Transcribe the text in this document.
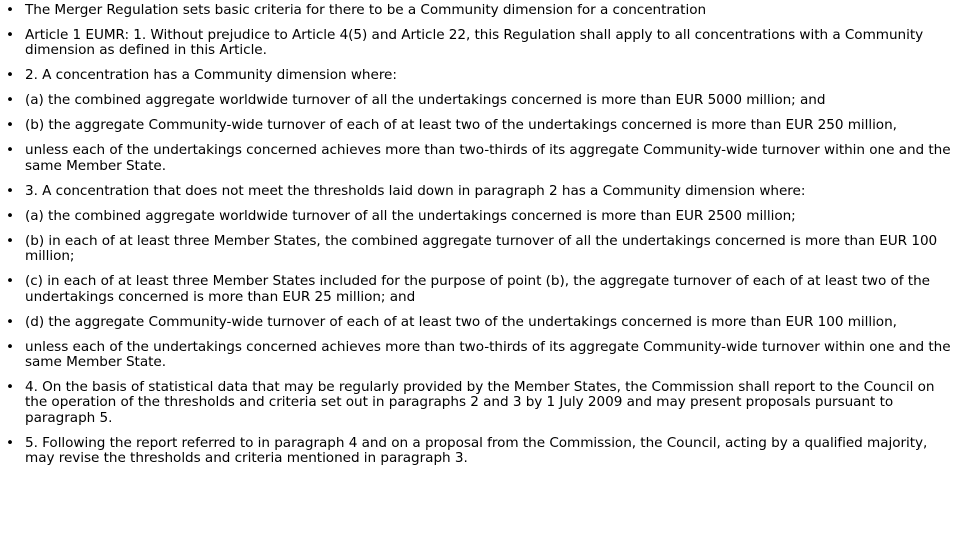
• The Merger Regulation sets basic criteria for there to be a Community dimension for a concentration
• Article 1 EUMR: 1. Without prejudice to Article 4(5) and Article 22, this Regulation shall apply to all concentrations with a Community dimension as defined in this Article.
• 2. A concentration has a Community dimension where:
• (a) the combined aggregate worldwide turnover of all the undertakings concerned is more than EUR 5000 million; and
• (b) the aggregate Community-wide turnover of each of at least two of the undertakings concerned is more than EUR 250 million,
• unless each of the undertakings concerned achieves more than two-thirds of its aggregate Community-wide turnover within one and the same Member State.
• 3. A concentration that does not meet the thresholds laid down in paragraph 2 has a Community dimension where:
• (a) the combined aggregate worldwide turnover of all the undertakings concerned is more than EUR 2500 million;
• (b) in each of at least three Member States, the combined aggregate turnover of all the undertakings concerned is more than EUR 100 million;
• (c) in each of at least three Member States included for the purpose of point (b), the aggregate turnover of each of at least two of the undertakings concerned is more than EUR 25 million; and
• (d) the aggregate Community-wide turnover of each of at least two of the undertakings concerned is more than EUR 100 million,
• unless each of the undertakings concerned achieves more than two-thirds of its aggregate Community-wide turnover within one and the same Member State.
• 4. On the basis of statistical data that may be regularly provided by the Member States, the Commission shall report to the Council on the operation of the thresholds and criteria set out in paragraphs 2 and 3 by 1 July 2009 and may present proposals pursuant to paragraph 5.
• 5. Following the report referred to in paragraph 4 and on a proposal from the Commission, the Council, acting by a qualified majority, may revise the thresholds and criteria mentioned in paragraph 3.
